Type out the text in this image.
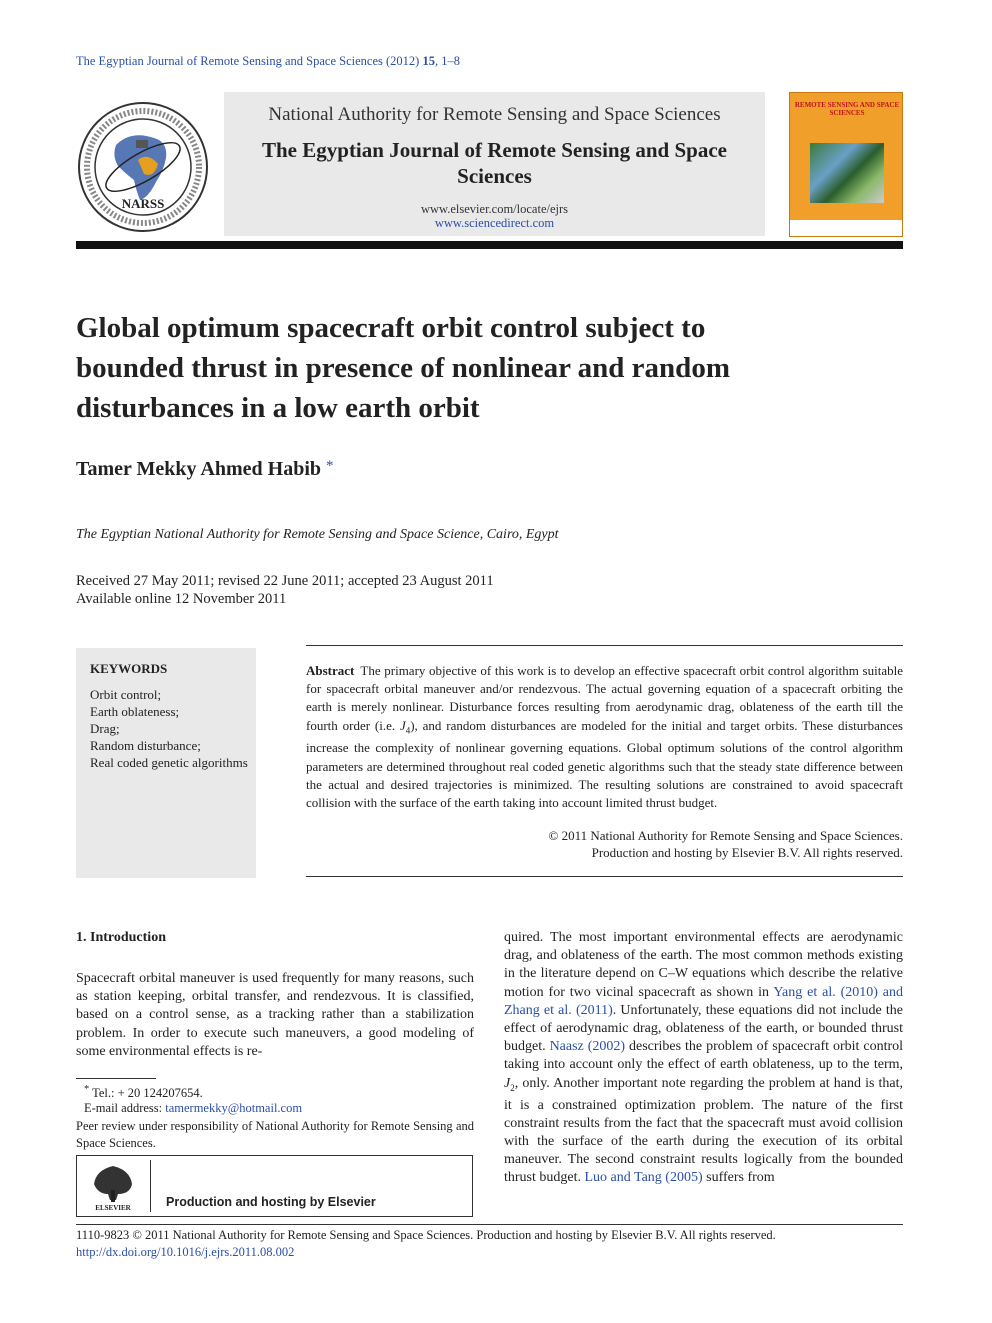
The Egyptian Journal of Remote Sensing and Space Sciences (2012) 15, 1–8
NARSS
National Authority for Remote Sensing and Space Sciences
The Egyptian Journal of Remote Sensing and Space Sciences
www.elsevier.com/locate/ejrs
www.sciencedirect.com
REMOTE SENSING AND SPACE SCIENCES
Global optimum spacecraft orbit control subject to bounded thrust in presence of nonlinear and random disturbances in a low earth orbit
Tamer Mekky Ahmed Habib *
The Egyptian National Authority for Remote Sensing and Space Science, Cairo, Egypt
Received 27 May 2011; revised 22 June 2011; accepted 23 August 2011
Available online 12 November 2011
KEYWORDS
Orbit control;
Earth oblateness;
Drag;
Random disturbance;
Real coded genetic algorithms
Abstract The primary objective of this work is to develop an effective spacecraft orbit control algorithm suitable for spacecraft orbital maneuver and/or rendezvous. The actual governing equation of a spacecraft orbiting the earth is merely nonlinear. Disturbance forces resulting from aerodynamic drag, oblateness of the earth till the fourth order (i.e. $J_4$), and random disturbances are modeled for the initial and target orbits. These disturbances increase the complexity of nonlinear governing equations. Global optimum solutions of the control algorithm parameters are determined throughout real coded genetic algorithms such that the steady state difference between the actual and desired trajectories is minimized. The resulting solutions are constrained to avoid spacecraft collision with the surface of the earth taking into account limited thrust budget.
© 2011 National Authority for Remote Sensing and Space Sciences.
Production and hosting by Elsevier B.V. All rights reserved.
1. Introduction
Spacecraft orbital maneuver is used frequently for many reasons, such as station keeping, orbital transfer, and rendezvous. It is classified, based on a control sense, as a tracking rather than a stabilization problem. In order to execute such maneuvers, a good modeling of some environmental effects is re-
quired. The most important environmental effects are aerodynamic drag, and oblateness of the earth. The most common methods existing in the literature depend on C–W equations which describe the relative motion for two vicinal spacecraft as shown in Yang et al. (2010) and Zhang et al. (2011). Unfortunately, these equations did not include the effect of aerodynamic drag, oblateness of the earth, or bounded thrust budget. Naasz (2002) describes the problem of spacecraft orbit control taking into account only the effect of earth oblateness, up to the term, $J_2$, only. Another important note regarding the problem at hand is that, it is a constrained optimization problem. The nature of the first constraint results from the fact that the spacecraft must avoid collision with the surface of the earth during the execution of its orbital maneuver. The second constraint results logically from the bounded thrust budget. Luo and Tang (2005) suffers from
* Tel.: + 20 124207654.
E-mail address: tamermekky@hotmail.com
Peer review under responsibility of National Authority for Remote Sensing and Space Sciences.
ELSEVIER	Production and hosting by Elsevier
1110-9823 © 2011 National Authority for Remote Sensing and Space Sciences. Production and hosting by Elsevier B.V. All rights reserved.
http://dx.doi.org/10.1016/j.ejrs.2011.08.002
